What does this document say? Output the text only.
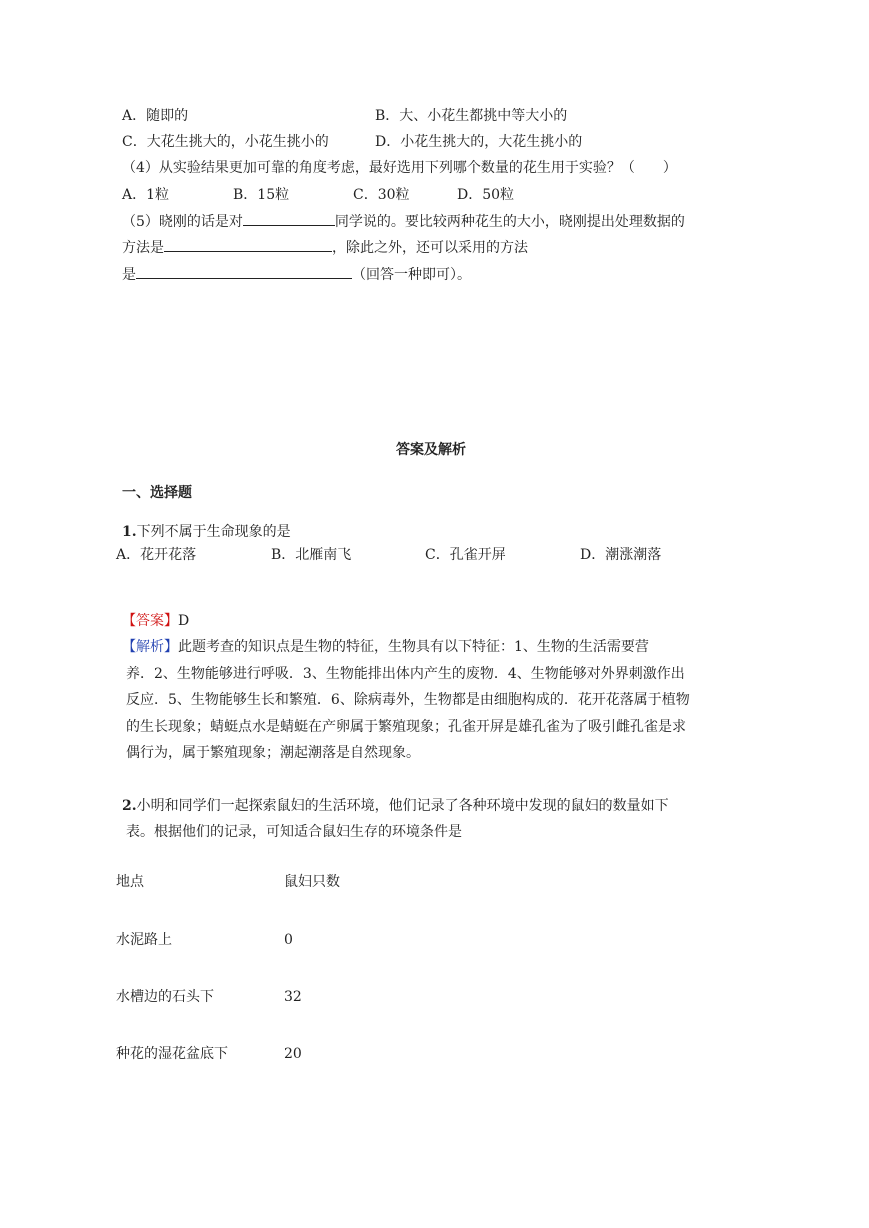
A．随即的	B．大、小花生都挑中等大小的
C．大花生挑大的，小花生挑小的	D．小花生挑大的，大花生挑小的
（4）从实验结果更加可靠的角度考虑，最好选用下列哪个数量的花生用于实验？（　　）
A．1粒	B．15粒	C．30粒	D．50粒
（5）晓刚的话是对	同学说的。要比较两种花生的大小，晓刚提出处理数据的
方法是	，除此之外，还可以采用的方法
是	（回答一种即可）。
答案及解析
一、选择题
1.下列不属于生命现象的是
A．花开花落	B．北雁南飞	C．孔雀开屏	D．潮涨潮落
【答案】D
【解析】此题考查的知识点是生物的特征，生物具有以下特征：1、生物的生活需要营
养．2、生物能够进行呼吸．3、生物能排出体内产生的废物．4、生物能够对外界刺激作出
反应．5、生物能够生长和繁殖．6、除病毒外，生物都是由细胞构成的．花开花落属于植物
的生长现象；蜻蜓点水是蜻蜓在产卵属于繁殖现象；孔雀开屏是雄孔雀为了吸引雌孔雀是求
偶行为，属于繁殖现象；潮起潮落是自然现象。
2.小明和同学们一起探索鼠妇的生活环境，他们记录了各种环境中发现的鼠妇的数量如下
表。根据他们的记录，可知适合鼠妇生存的环境条件是
地点	鼠妇只数
水泥路上	0
水槽边的石头下	32
种花的湿花盆底下	20
